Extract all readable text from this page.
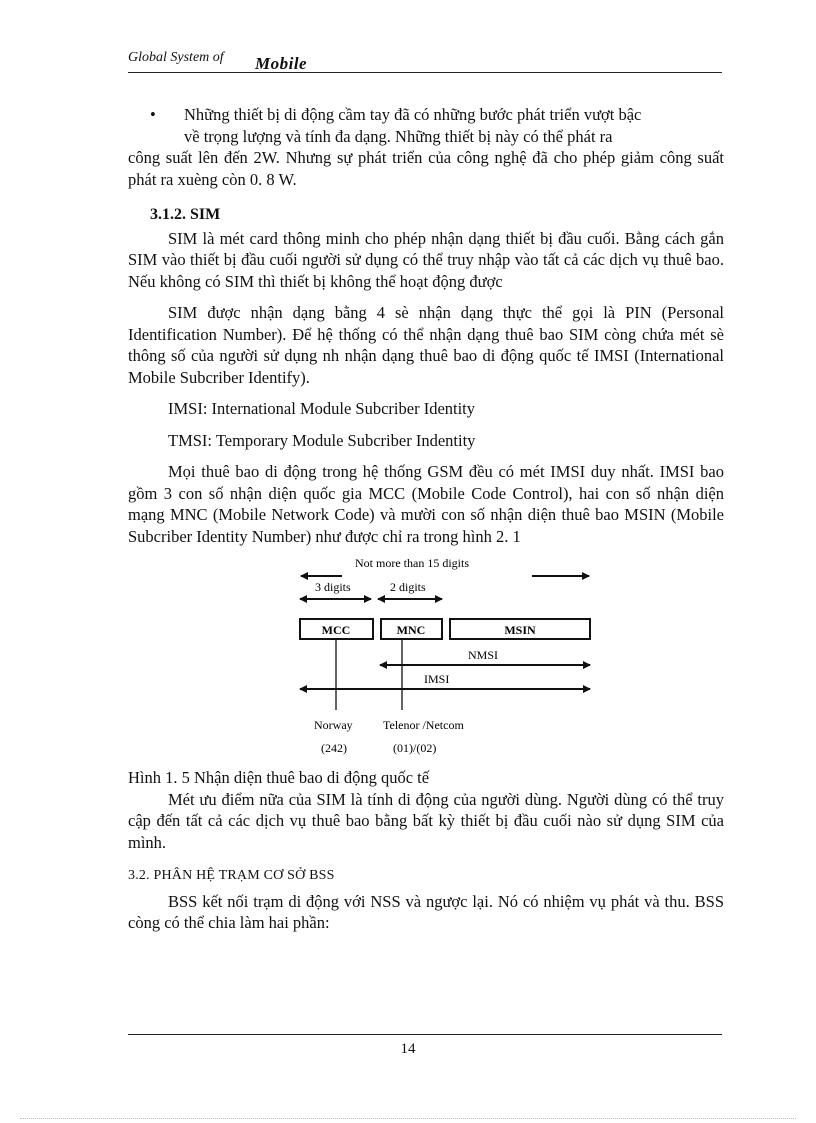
Global System of Mobile

• Những thiết bị di động cầm tay đã có những bước phát triển vượt bậc
về trọng lượng và tính đa dạng. Những thiết bị này có thể phát ra

công suất lên đến 2W. Nhưng sự phát triển của công nghệ đã cho phép giảm công suất phát ra xuèng còn 0. 8 W.

3.1.2. SIM

SIM là mét card thông minh cho phép nhận dạng thiết bị đầu cuối. Bằng cách gắn SIM vào thiết bị đầu cuối người sử dụng có thể truy nhập vào tất cả các dịch vụ thuê bao. Nếu không có SIM thì thiết bị không thể hoạt động được

SIM được nhận dạng bằng 4 sè nhận dạng thực thể gọi là PIN (Personal Identification Number). Để hệ thống có thể nhận dạng thuê bao SIM còng chứa mét sè thông số của người sử dụng nh nhận dạng thuê bao di động quốc tế IMSI (International Mobile Subcriber Identify).

IMSI: International Module Subcriber Identity

TMSI: Temporary Module Subcriber Indentity

Mọi thuê bao di động trong hệ thống GSM đều có mét IMSI duy nhất. IMSI bao gồm 3 con số nhận diện quốc gia MCC (Mobile Code Control), hai con số nhận diện mạng MNC (Mobile Network Code) và mười con số nhận diện thuê bao MSIN (Mobile Subcriber Identity Number) như được chỉ ra trong hình 2. 1

Not more than 15 digits
3 digits	2 digits
MCC	MNC	MSIN
NMSI
IMSI
Norway
(242)
Telenor /Netcom
(01)/(02)

Hình 1. 5 Nhận diện thuê bao di động quốc tế

Mét ưu điểm nữa của SIM là tính di động của người dùng. Người dùng có thể truy cập đến tất cả các dịch vụ thuê bao bằng bất kỳ thiết bị đầu cuối nào sử dụng SIM của mình.

3.2. PHÂN HỆ TRẠM CƠ SỞ BSS

BSS kết nối trạm di động với NSS và ngược lại. Nó có nhiệm vụ phát và thu. BSS còng có thể chia làm hai phần:

14
